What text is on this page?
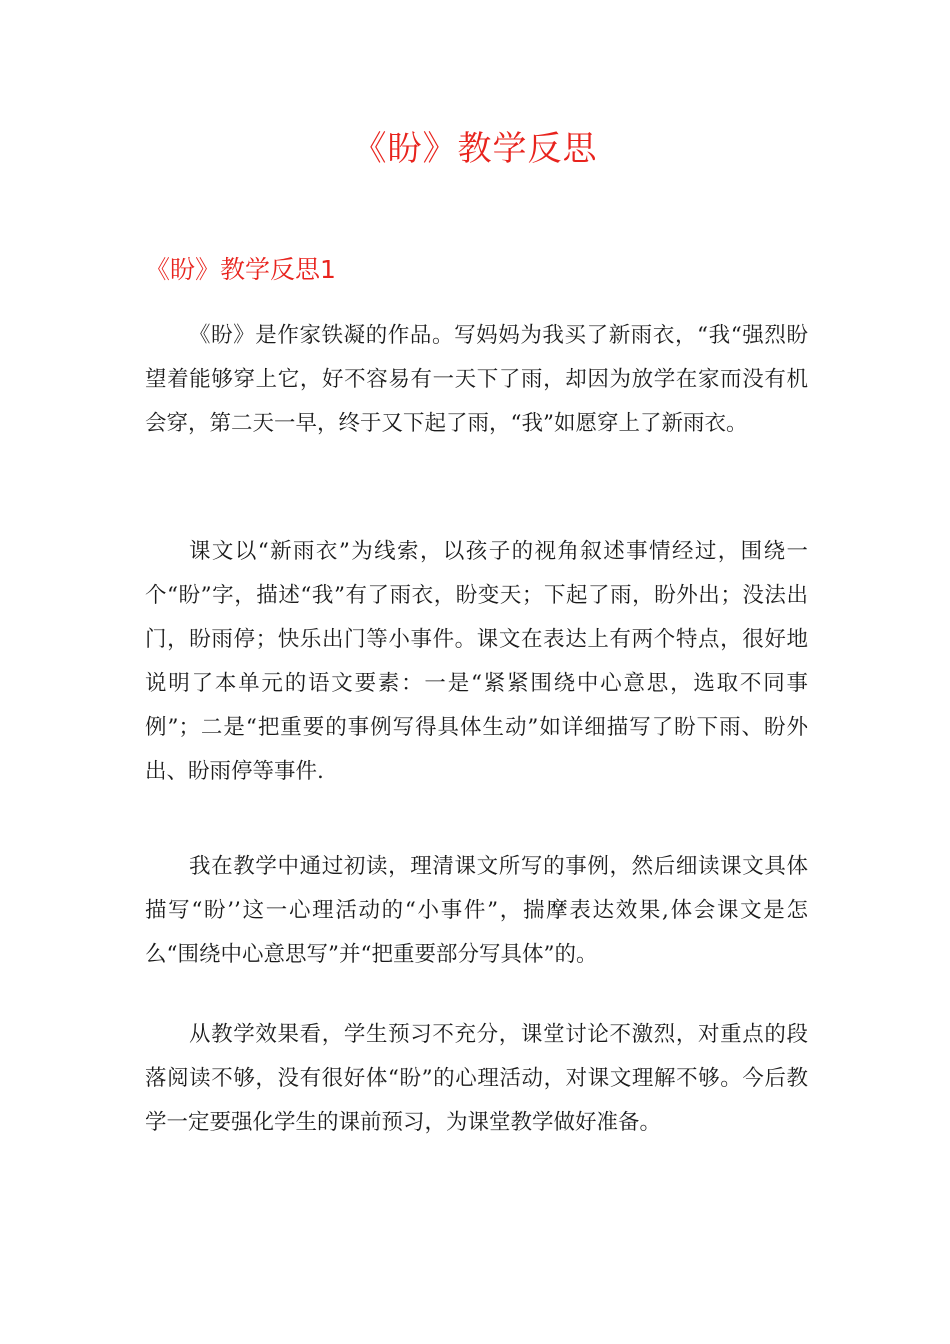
《盼》教学反思
《盼》教学反思1

《盼》是作家铁凝的作品。写妈妈为我买了新雨衣，“我“强烈盼望着能够穿上它，好不容易有一天下了雨，却因为放学在家而没有机会穿，第二天一早，终于又下起了雨，“我”如愿穿上了新雨衣。

课文以“新雨衣”为线索，以孩子的视角叙述事情经过，围绕一个“盼”字，描述“我”有了雨衣，盼变天；下起了雨，盼外出；没法出门，盼雨停；快乐出门等小事件。课文在表达上有两个特点，很好地说明了本单元的语文要素：一是“紧紧围绕中心意思，选取不同事例”；二是“把重要的事例写得具体生动”如详细描写了盼下雨、盼外出、盼雨停等事件.

我在教学中通过初读，理清课文所写的事例，然后细读课文具体描写“盼’’这一心理活动的“小事件”，揣摩表达效果,体会课文是怎么“围绕中心意思写”并“把重要部分写具体”的。

从教学效果看，学生预习不充分，课堂讨论不激烈，对重点的段落阅读不够，没有很好体“盼”的心理活动，对课文理解不够。今后教学一定要强化学生的课前预习，为课堂教学做好准备。
